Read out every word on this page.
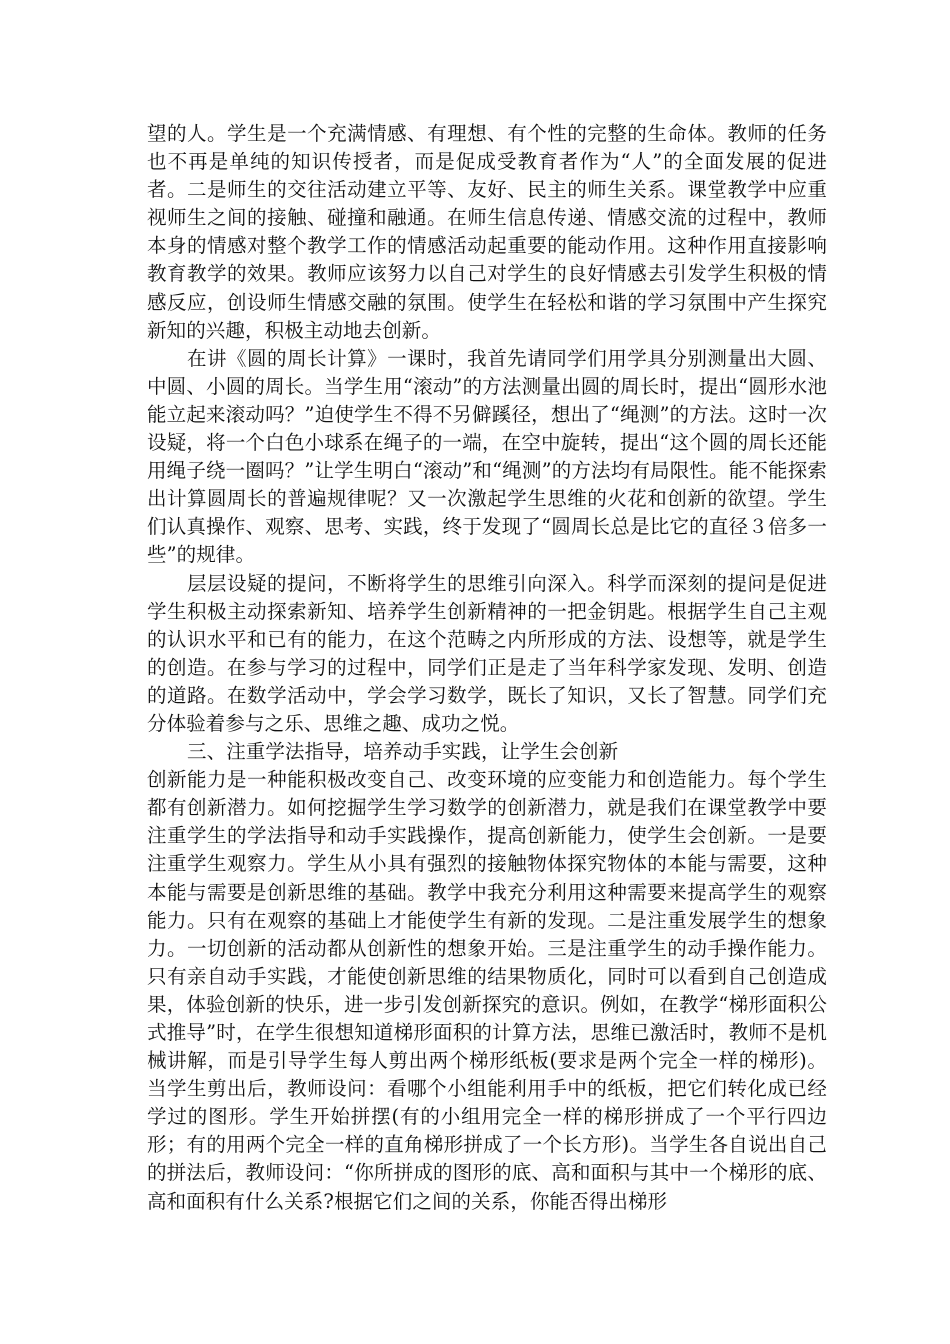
望的人。学生是一个充满情感、有理想、有个性的完整的生命体。教师的任务也不再是单纯的知识传授者，而是促成受教育者作为“人”的全面发展的促进者。二是师生的交往活动建立平等、友好、民主的师生关系。课堂教学中应重视师生之间的接触、碰撞和融通。在师生信息传递、情感交流的过程中，教师本身的情感对整个教学工作的情感活动起重要的能动作用。这种作用直接影响教育教学的效果。教师应该努力以自己对学生的良好情感去引发学生积极的情感反应，创设师生情感交融的氛围。使学生在轻松和谐的学习氛围中产生探究新知的兴趣，积极主动地去创新。

在讲《圆的周长计算》一课时，我首先请同学们用学具分别测量出大圆、中圆、小圆的周长。当学生用“滚动”的方法测量出圆的周长时，提出“圆形水池能立起来滚动吗？”迫使学生不得不另僻蹊径，想出了“绳测”的方法。这时一次设疑，将一个白色小球系在绳子的一端，在空中旋转，提出“这个圆的周长还能用绳子绕一圈吗？”让学生明白“滚动”和“绳测”的方法均有局限性。能不能探索出计算圆周长的普遍规律呢？又一次激起学生思维的火花和创新的欲望。学生们认真操作、观察、思考、实践，终于发现了“圆周长总是比它的直径３倍多一些”的规律。

层层设疑的提问，不断将学生的思维引向深入。科学而深刻的提问是促进学生积极主动探索新知、培养学生创新精神的一把金钥匙。根据学生自己主观的认识水平和已有的能力，在这个范畴之内所形成的方法、设想等，就是学生的创造。在参与学习的过程中，同学们正是走了当年科学家发现、发明、创造的道路。在数学活动中，学会学习数学，既长了知识，又长了智慧。同学们充分体验着参与之乐、思维之趣、成功之悦。

三、注重学法指导，培养动手实践，让学生会创新

创新能力是一种能积极改变自己、改变环境的应变能力和创造能力。每个学生都有创新潜力。如何挖掘学生学习数学的创新潜力，就是我们在课堂教学中要注重学生的学法指导和动手实践操作，提高创新能力，使学生会创新。一是要注重学生观察力。学生从小具有强烈的接触物体探究物体的本能与需要，这种本能与需要是创新思维的基础。教学中我充分利用这种需要来提高学生的观察能力。只有在观察的基础上才能使学生有新的发现。二是注重发展学生的想象力。一切创新的活动都从创新性的想象开始。三是注重学生的动手操作能力。只有亲自动手实践，才能使创新思维的结果物质化，同时可以看到自己创造成果，体验创新的快乐，进一步引发创新探究的意识。例如，在教学“梯形面积公式推导”时，在学生很想知道梯形面积的计算方法，思维已激活时，教师不是机械讲解，而是引导学生每人剪出两个梯形纸板(要求是两个完全一样的梯形)。当学生剪出后，教师设问：看哪个小组能利用手中的纸板，把它们转化成已经学过的图形。学生开始拼摆(有的小组用完全一样的梯形拼成了一个平行四边形；有的用两个完全一样的直角梯形拼成了一个长方形)。当学生各自说出自己的拼法后，教师设问：“你所拼成的图形的底、高和面积与其中一个梯形的底、高和面积有什么关系?根据它们之间的关系，你能否得出梯形
